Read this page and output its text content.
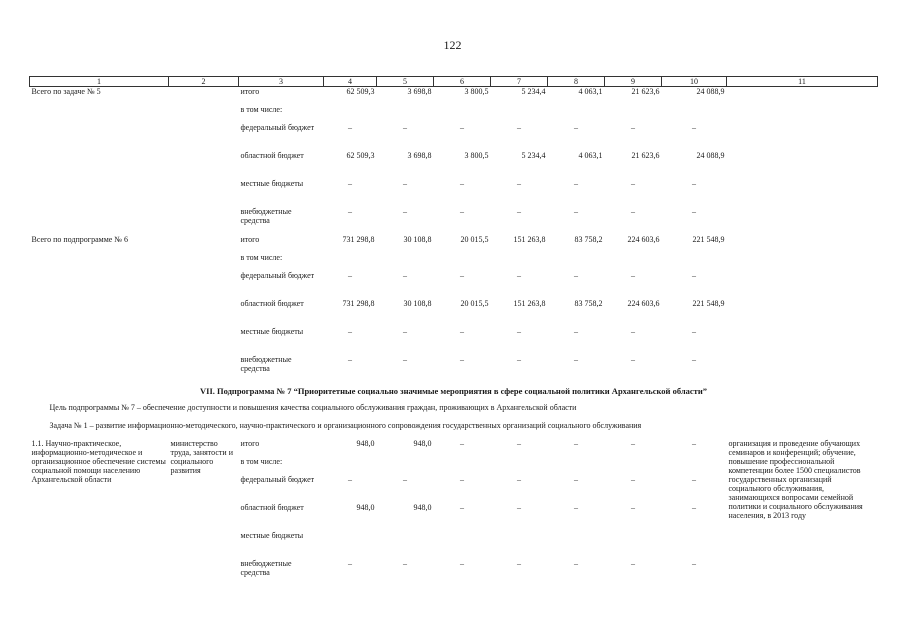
122
1	2	3	4	5	6	7	8	9	10	11
Всего по задаче № 5		итого	62 509,3	3 698,8	3 800,5	5 234,4	4 063,1	21 623,6	24 088,9	
		в том числе:								
		федеральный бюджет	–	–	–	–	–	–	–	
		областной бюджет	62 509,3	3 698,8	3 800,5	5 234,4	4 063,1	21 623,6	24 088,9	
		местные бюджеты	–	–	–	–	–	–	–	
		внебюджетные средства	–	–	–	–	–	–	–	
Всего по подпрограмме № 6		итого	731 298,8	30 108,8	20 015,5	151 263,8	83 758,2	224 603,6	221 548,9	
		в том числе:								
		федеральный бюджет	–	–	–	–	–	–	–	
		областной бюджет	731 298,8	30 108,8	20 015,5	151 263,8	83 758,2	224 603,6	221 548,9	
		местные бюджеты	–	–	–	–	–	–	–	
		внебюджетные средства	–	–	–	–	–	–	–	
VII. Подпрограмма № 7 “Приоритетные социально значимые мероприятия в сфере социальной политики Архангельской области”										
Цель подпрограммы № 7 – обеспечение доступности и повышения качества социального обслуживания граждан, проживающих в Архангельской области										
Задача № 1 – развитие информационно-методического, научно-практического и организационного сопровождения государственных организаций социального обслуживания										
1.1. Научно-практическое, информационно-методическое и организационное обеспечение системы социальной помощи населению Архангельской области	министерство труда, занятости и социального развития	итого	948,0	948,0	–	–	–	–	–	организация и проведение обучающих семинаров и конференций; обучение, повышение профессиональной компетенции более 1500 специалистов государственных организаций социального обслуживания, занимающихся вопросами семейной политики и социального обслуживания населения, в 2013 году
		в том числе:								
		федеральный бюджет	–	–	–	–	–	–	–	
		областной бюджет	948,0	948,0	–	–	–	–	–	
		местные бюджеты								
		внебюджетные средства	–	–	–	–	–	–	–	
